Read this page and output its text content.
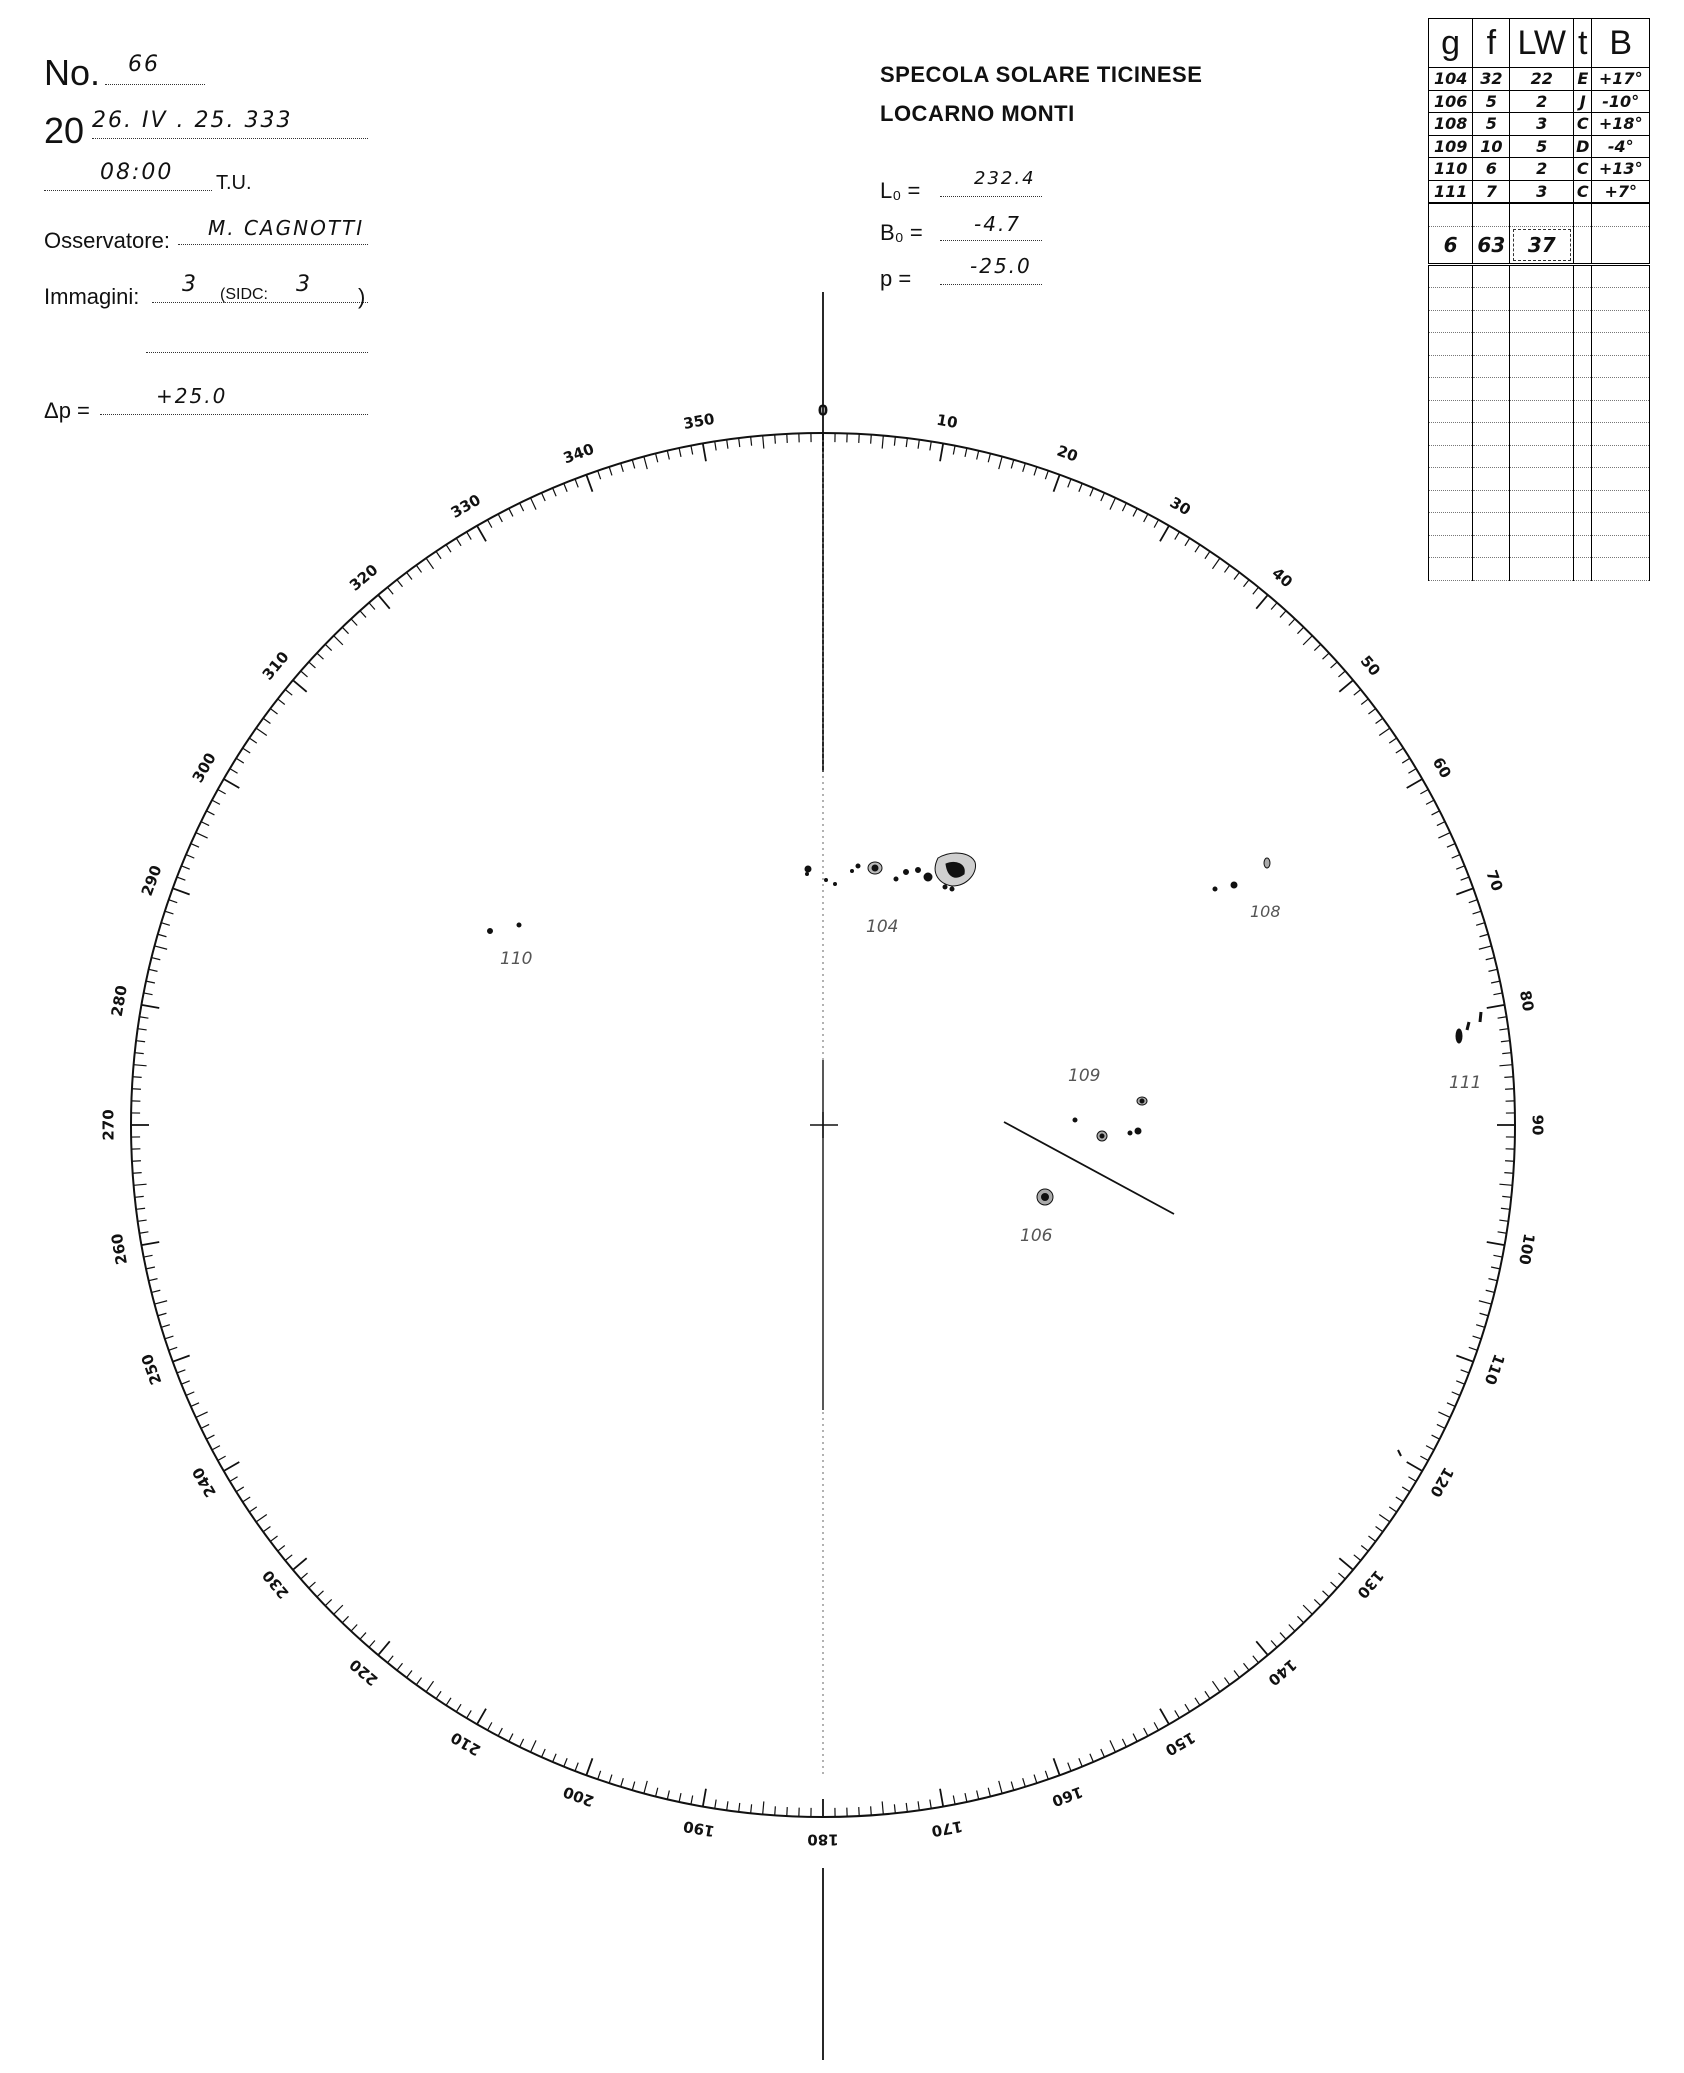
No. 66
20 26. IV . 25. 333
08:00 T.U.
Osservatore: M. CAGNOTTI
Immagini: 3 (SIDC: 3 )
Δp =
+25.0
SPECOLA SOLARE TICINESE
LOCARNO MONTI
L₀ =	232.4
B₀ =	-4.7
p =	-25.0
g	f	LW	t	B
104	32	22	E	+17°
106	5	2	J	-10°
108	5	3	C	+18°
109	10	5	D	-4°
110	6	2	C	+13°
111	7	3	C	+7°

6	63	37		

0
10
20
30
40
50
60
70
80
90
100
110
120
130
140
150
160
170
180
190
200
210
220
230
240
250
260
270
280
290
300
310
320
330
340
350
104
108
110
111
109
106
